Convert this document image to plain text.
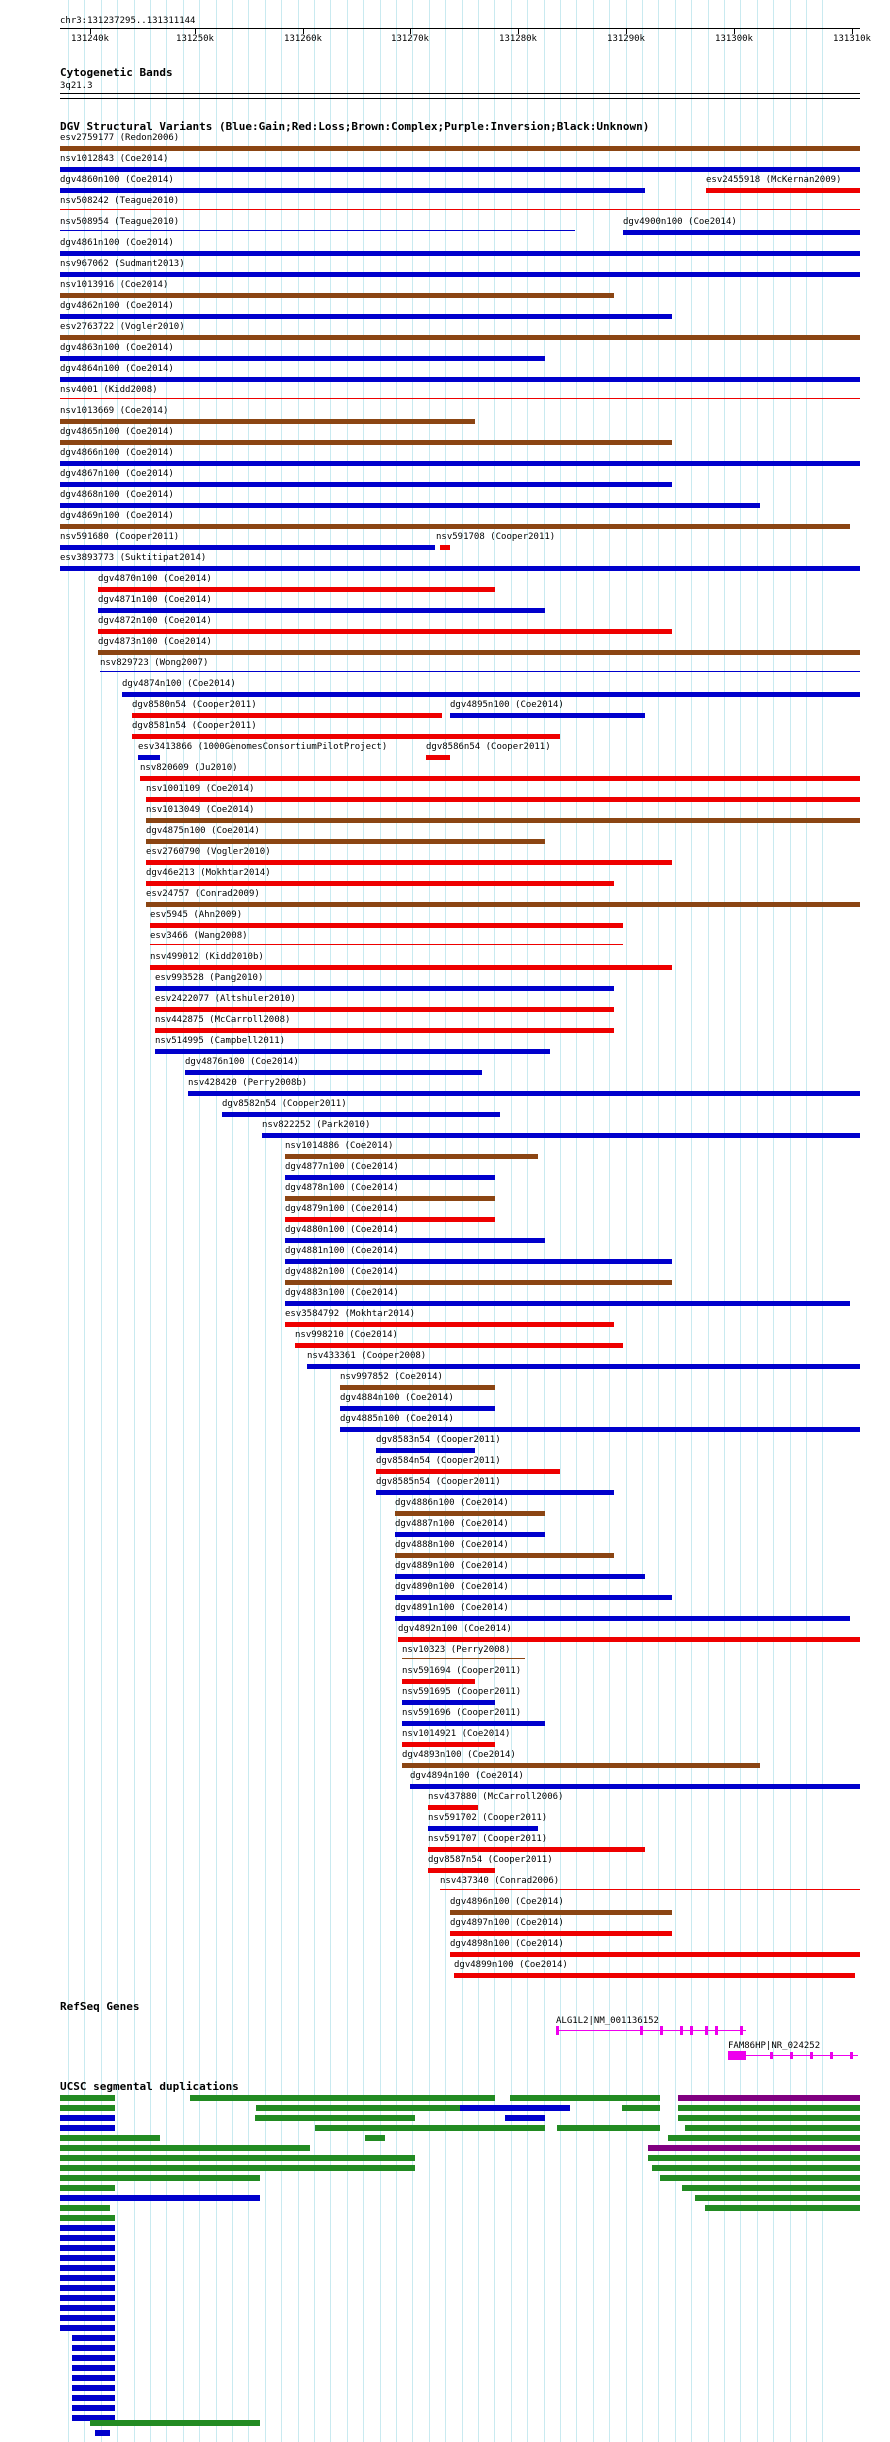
chr3:131237295..131311144
131240k	131250k	131260k	131270k	131280k	131290k	131300k	131310k
Cytogenetic Bands
3q21.3
DGV Structural Variants (Blue:Gain;Red:Loss;Brown:Complex;Purple:Inversion;Black:Unknown)
esv2759177 (Redon2006)
nsv1012843 (Coe2014)
dgv4860n100 (Coe2014)	esv2455918 (McKernan2009)
nsv508242 (Teague2010)
nsv508954 (Teague2010)	dgv4900n100 (Coe2014)
dgv4861n100 (Coe2014)
nsv967062 (Sudmant2013)
nsv1013916 (Coe2014)
dgv4862n100 (Coe2014)
esv2763722 (Vogler2010)
dgv4863n100 (Coe2014)
dgv4864n100 (Coe2014)
nsv4001 (Kidd2008)
nsv1013669 (Coe2014)
dgv4865n100 (Coe2014)
dgv4866n100 (Coe2014)
dgv4867n100 (Coe2014)
dgv4868n100 (Coe2014)
dgv4869n100 (Coe2014)
nsv591680 (Cooper2011)	nsv591708 (Cooper2011)
esv3893773 (Suktitipat2014)
dgv4870n100 (Coe2014)
dgv4871n100 (Coe2014)
dgv4872n100 (Coe2014)
dgv4873n100 (Coe2014)
nsv829723 (Wong2007)
dgv4874n100 (Coe2014)
dgv8580n54 (Cooper2011)	dgv4895n100 (Coe2014)
dgv8581n54 (Cooper2011)
esv3413866 (1000GenomesConsortiumPilotProject)	dgv8586n54 (Cooper2011)
nsv820609 (Ju2010)
nsv1001109 (Coe2014)
nsv1013049 (Coe2014)
dgv4875n100 (Coe2014)
esv2760790 (Vogler2010)
dgv46e213 (Mokhtar2014)
esv24757 (Conrad2009)
esv5945 (Ahn2009)
esv3466 (Wang2008)
nsv499012 (Kidd2010b)
esv993528 (Pang2010)
esv2422077 (Altshuler2010)
nsv442875 (McCarroll2008)
nsv514995 (Campbell2011)
dgv4876n100 (Coe2014)
nsv428420 (Perry2008b)
dgv8582n54 (Cooper2011)
nsv822252 (Park2010)
nsv1014886 (Coe2014)
dgv4877n100 (Coe2014)
dgv4878n100 (Coe2014)
dgv4879n100 (Coe2014)
dgv4880n100 (Coe2014)
dgv4881n100 (Coe2014)
dgv4882n100 (Coe2014)
dgv4883n100 (Coe2014)
esv3584792 (Mokhtar2014)
nsv998210 (Coe2014)
nsv433361 (Cooper2008)
nsv997852 (Coe2014)
dgv4884n100 (Coe2014)
dgv4885n100 (Coe2014)
dgv8583n54 (Cooper2011)
dgv8584n54 (Cooper2011)
dgv8585n54 (Cooper2011)
dgv4886n100 (Coe2014)
dgv4887n100 (Coe2014)
dgv4888n100 (Coe2014)
dgv4889n100 (Coe2014)
dgv4890n100 (Coe2014)
dgv4891n100 (Coe2014)
dgv4892n100 (Coe2014)
nsv10323 (Perry2008)
nsv591694 (Cooper2011)
nsv591695 (Cooper2011)
nsv591696 (Cooper2011)
nsv1014921 (Coe2014)
dgv4893n100 (Coe2014)
dgv4894n100 (Coe2014)
nsv437880 (McCarroll2006)
nsv591702 (Cooper2011)
nsv591707 (Cooper2011)
dgv8587n54 (Cooper2011)
nsv437340 (Conrad2006)
dgv4896n100 (Coe2014)
dgv4897n100 (Coe2014)
dgv4898n100 (Coe2014)
dgv4899n100 (Coe2014)
RefSeq Genes
ALG1L2|NM_001136152
FAM86HP|NR_024252
UCSC segmental duplications
